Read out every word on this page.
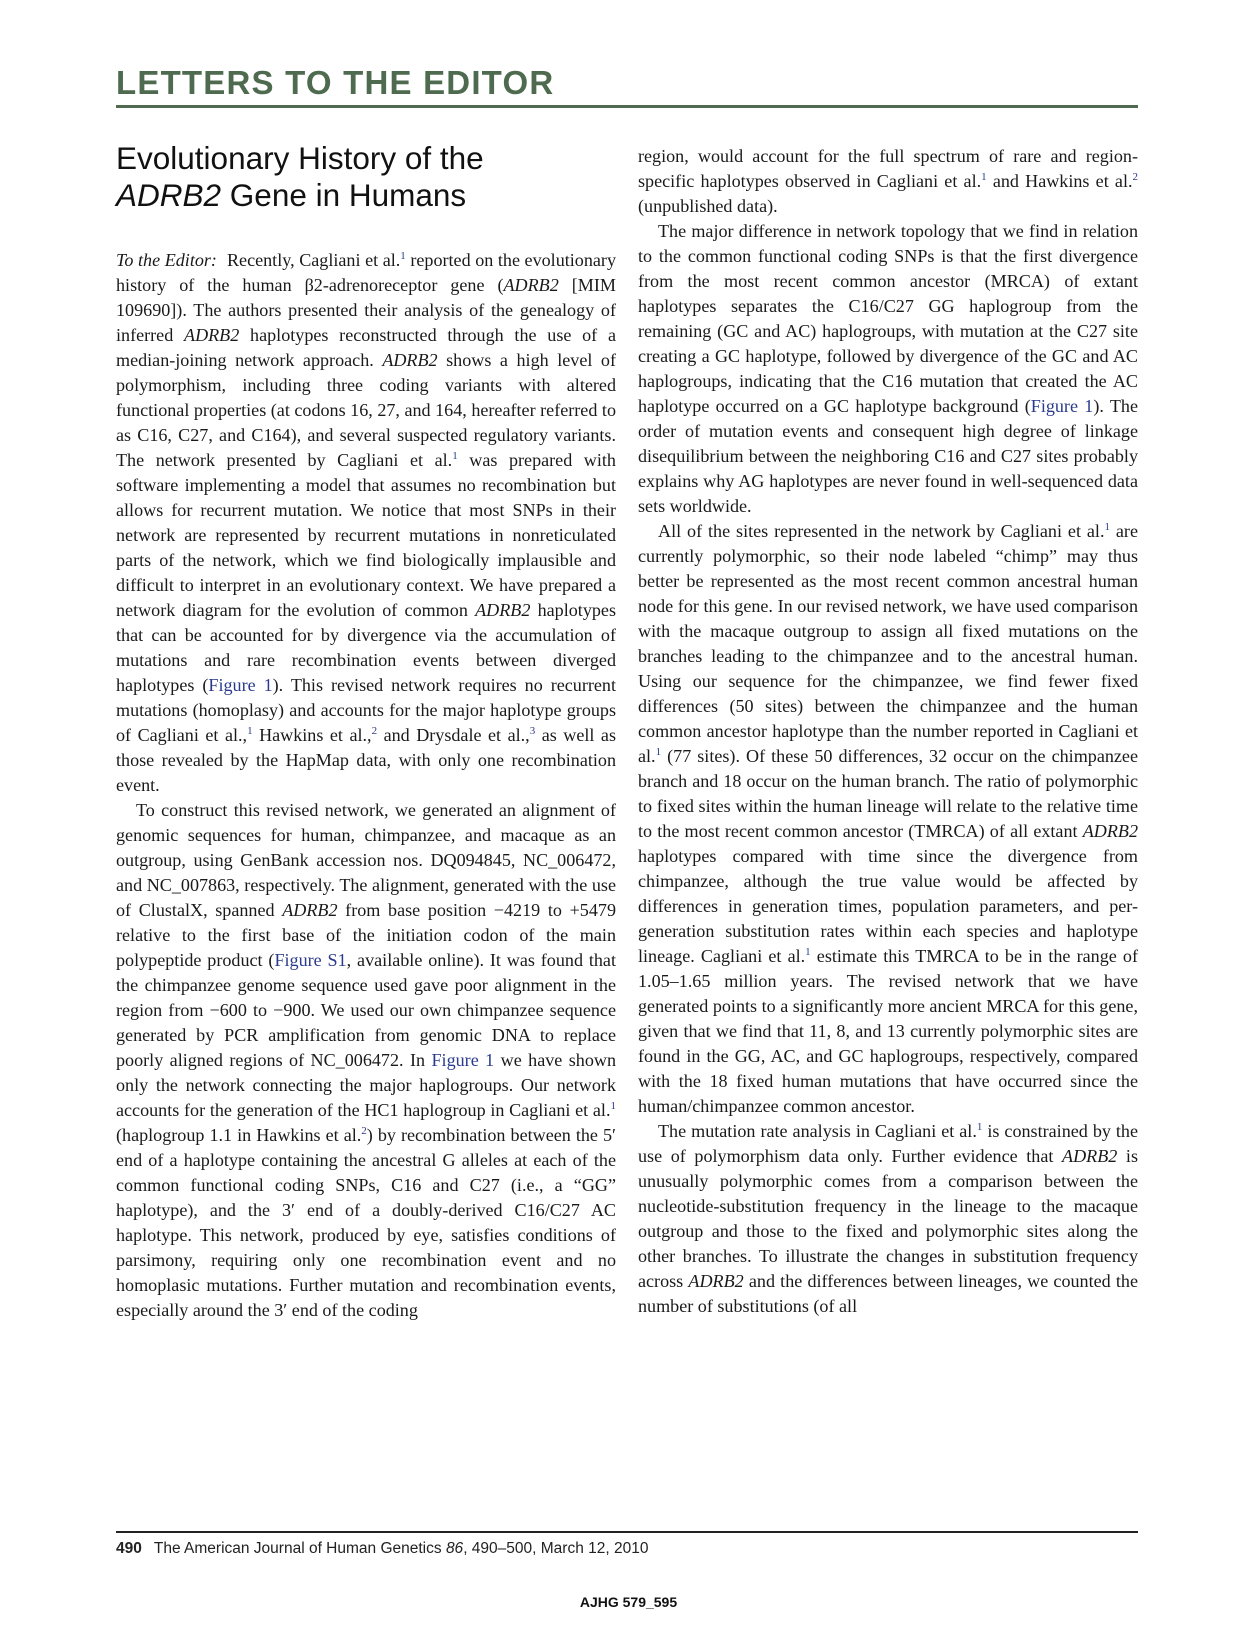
LETTERS TO THE EDITOR
Evolutionary History of the
ADRB2 Gene in Humans

To the Editor: Recently, Cagliani et al.$^1$ reported on the evolutionary history of the human β2-adrenoreceptor gene (ADRB2 [MIM 109690]). The authors presented their analysis of the genealogy of inferred ADRB2 haplotypes reconstructed through the use of a median-joining network approach. ADRB2 shows a high level of polymorphism, including three coding variants with altered functional properties (at codons 16, 27, and 164, hereafter referred to as C16, C27, and C164), and several suspected regulatory variants. The network presented by Cagliani et al.$^1$ was prepared with software implementing a model that assumes no recombination but allows for recurrent mutation. We notice that most SNPs in their network are represented by recurrent mutations in nonreticulated parts of the network, which we find biologically implausible and difficult to interpret in an evolutionary context. We have prepared a network diagram for the evolution of common ADRB2 haplotypes that can be accounted for by divergence via the accumulation of mutations and rare recombination events between diverged haplotypes (Figure 1). This revised network requires no recurrent mutations (homoplasy) and accounts for the major haplotype groups of Cagliani et al.,$^1$ Hawkins et al.,$^2$ and Drysdale et al.,$^3$ as well as those revealed by the HapMap data, with only one recombination event.

To construct this revised network, we generated an alignment of genomic sequences for human, chimpanzee, and macaque as an outgroup, using GenBank accession nos. DQ094845, NC_006472, and NC_007863, respectively. The alignment, generated with the use of ClustalX, spanned ADRB2 from base position −4219 to +5479 relative to the first base of the initiation codon of the main polypeptide product (Figure S1, available online). It was found that the chimpanzee genome sequence used gave poor alignment in the region from −600 to −900. We used our own chimpanzee sequence generated by PCR amplification from genomic DNA to replace poorly aligned regions of NC_006472. In Figure 1 we have shown only the network connecting the major haplogroups. Our network accounts for the generation of the HC1 haplogroup in Cagliani et al.$^1$ (haplogroup 1.1 in Hawkins et al.$^2$) by recombination between the 5′ end of a haplotype containing the ancestral G alleles at each of the common functional coding SNPs, C16 and C27 (i.e., a “GG” haplotype), and the 3′ end of a doubly-derived C16/C27 AC haplotype. This network, produced by eye, satisfies conditions of parsimony, requiring only one recombination event and no homoplasic mutations. Further mutation and recombination events, especially around the 3′ end of the coding

region, would account for the full spectrum of rare and region-specific haplotypes observed in Cagliani et al.$^1$ and Hawkins et al.$^2$ (unpublished data).

The major difference in network topology that we find in relation to the common functional coding SNPs is that the first divergence from the most recent common ancestor (MRCA) of extant haplotypes separates the C16/C27 GG haplogroup from the remaining (GC and AC) haplogroups, with mutation at the C27 site creating a GC haplotype, followed by divergence of the GC and AC haplogroups, indicating that the C16 mutation that created the AC haplotype occurred on a GC haplotype background (Figure 1). The order of mutation events and consequent high degree of linkage disequilibrium between the neighboring C16 and C27 sites probably explains why AG haplotypes are never found in well-sequenced data sets worldwide.

All of the sites represented in the network by Cagliani et al.$^1$ are currently polymorphic, so their node labeled “chimp” may thus better be represented as the most recent common ancestral human node for this gene. In our revised network, we have used comparison with the macaque outgroup to assign all fixed mutations on the branches leading to the chimpanzee and to the ancestral human. Using our sequence for the chimpanzee, we find fewer fixed differences (50 sites) between the chimpanzee and the human common ancestor haplotype than the number reported in Cagliani et al.$^1$ (77 sites). Of these 50 differences, 32 occur on the chimpanzee branch and 18 occur on the human branch. The ratio of polymorphic to fixed sites within the human lineage will relate to the relative time to the most recent common ancestor (TMRCA) of all extant ADRB2 haplotypes compared with time since the divergence from chimpanzee, although the true value would be affected by differences in generation times, population parameters, and per-generation substitution rates within each species and haplotype lineage. Cagliani et al.$^1$ estimate this TMRCA to be in the range of 1.05–1.65 million years. The revised network that we have generated points to a significantly more ancient MRCA for this gene, given that we find that 11, 8, and 13 currently polymorphic sites are found in the GG, AC, and GC haplogroups, respectively, compared with the 18 fixed human mutations that have occurred since the human/chimpanzee common ancestor.

The mutation rate analysis in Cagliani et al.$^1$ is constrained by the use of polymorphism data only. Further evidence that ADRB2 is unusually polymorphic comes from a comparison between the nucleotide-substitution frequency in the lineage to the macaque outgroup and those to the fixed and polymorphic sites along the other branches. To illustrate the changes in substitution frequency across ADRB2 and the differences between lineages, we counted the number of substitutions (of all

490 The American Journal of Human Genetics 86, 490–500, March 12, 2010
AJHG 579_595
